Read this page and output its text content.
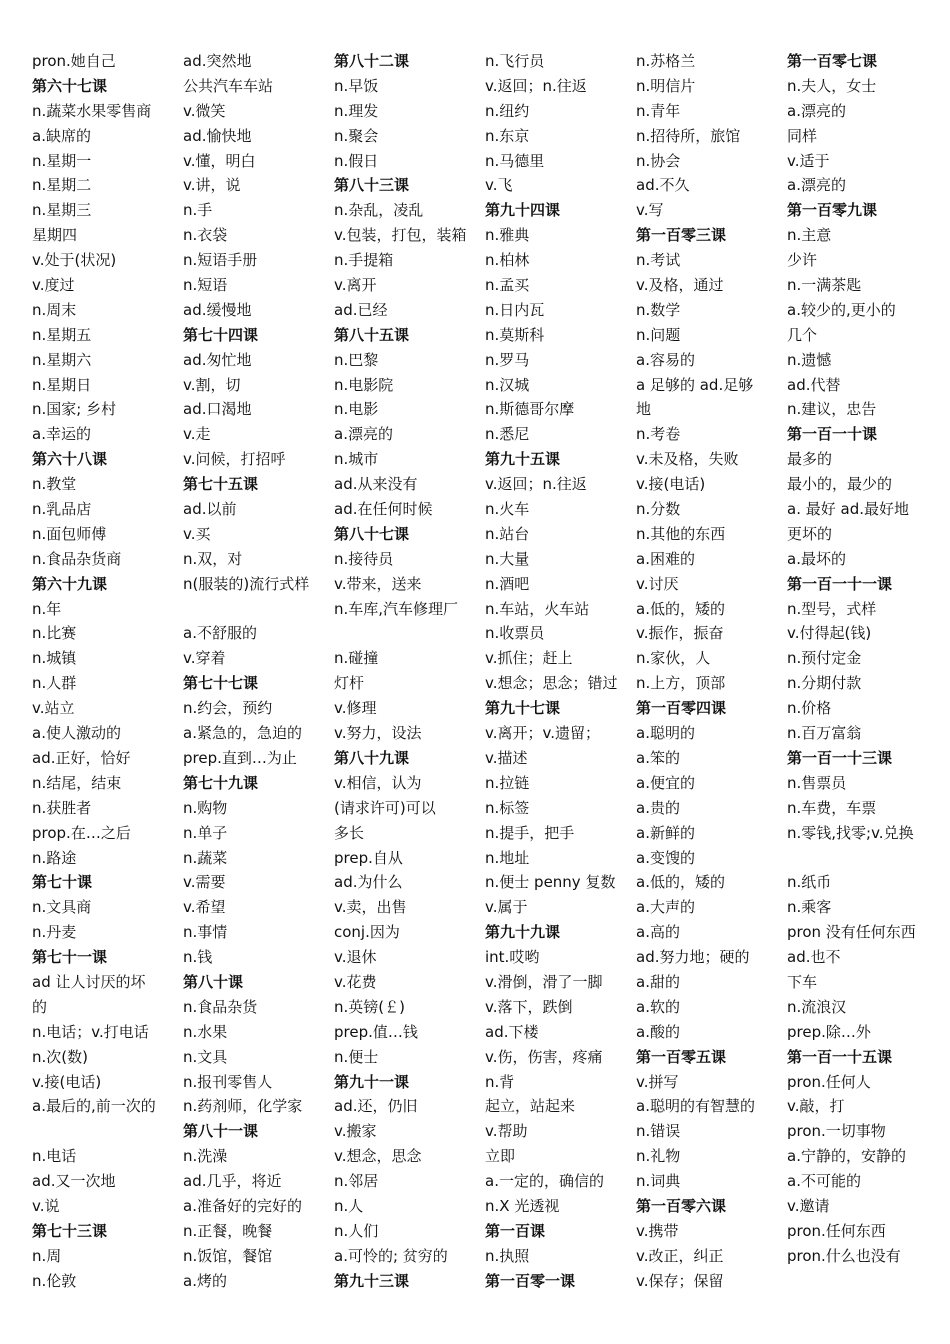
pron.她自己
第六十七课
n.蔬菜水果零售商
a.缺席的
n.星期一
n.星期二
n.星期三
星期四
v.处于(状况)
v.度过
n.周末
n.星期五
n.星期六
n.星期日
n.国家; 乡村
a.幸运的
第六十八课
n.教堂
n.乳品店
n.面包师傅
n.食品杂货商
第六十九课
n.年
n.比赛
n.城镇
n.人群
v.站立
a.使人激动的
ad.正好，恰好
n.结尾，结束
n.获胜者
prop.在…之后
n.路途
第七十课
n.文具商
n.丹麦
第七十一课
ad 让人讨厌的坏
的
n.电话；v.打电话
n.次(数)
v.接(电话)
a.最后的,前一次的
n.电话
ad.又一次地
v.说
第七十三课
n.周
n.伦敦
ad.突然地
公共汽车车站
v.微笑
ad.愉快地
v.懂，明白
v.讲，说
n.手
n.衣袋
n.短语手册
n.短语
ad.缓慢地
第七十四课
ad.匆忙地
v.割，切
ad.口渴地
v.走
v.问候，打招呼
第七十五课
ad.以前
v.买
n.双，对
n(服装的)流行式样
a.不舒服的
v.穿着
第七十七课
n.约会，预约
a.紧急的，急迫的
prep.直到…为止
第七十九课
n.购物
n.单子
n.蔬菜
v.需要
v.希望
n.事情
n.钱
第八十课
n.食品杂货
n.水果
n.文具
n.报刊零售人
n.药剂师，化学家
第八十一课
n.洗澡
ad.几乎，将近
a.准备好的完好的
n.正餐，晚餐
n.饭馆，餐馆
a.烤的
第八十二课
n.早饭
n.理发
n.聚会
n.假日
第八十三课
n.杂乱，凌乱
v.包装，打包，装箱
n.手提箱
v.离开
ad.已经
第八十五课
n.巴黎
n.电影院
n.电影
a.漂亮的
n.城市
ad.从来没有
ad.在任何时候
第八十七课
n.接待员
v.带来，送来
n.车库,汽车修理厂
n.碰撞
灯杆
v.修理
v.努力，设法
第八十九课
v.相信，认为
(请求许可)可以
多长
prep.自从
ad.为什么
v.卖，出售
conj.因为
v.退休
v.花费
n.英镑(￡)
prep.值…钱
n.便士
第九十一课
ad.还，仍旧
v.搬家
v.想念，思念
n.邻居
n.人
n.人们
a.可怜的; 贫穷的
第九十三课
n.飞行员
v.返回；n.往返
n.纽约
n.东京
n.马德里
v.飞
第九十四课
n.雅典
n.柏林
n.孟买
n.日内瓦
n.莫斯科
n.罗马
n.汉城
n.斯德哥尔摩
n.悉尼
第九十五课
v.返回；n.往返
n.火车
n.站台
n.大量
n.酒吧
n.车站，火车站
n.收票员
v.抓住；赶上
v.想念；思念；错过
第九十七课
v.离开；v.遗留；
v.描述
n.拉链
n.标签
n.提手，把手
n.地址
n.便士 penny 复数
v.属于
第九十九课
int.哎哟
v.滑倒，滑了一脚
v.落下，跌倒
ad.下楼
v.伤，伤害，疼痛
n.背
起立，站起来
v.帮助
立即
a.一定的，确信的
n.X 光透视
第一百课
n.执照
第一百零一课
n.苏格兰
n.明信片
n.青年
n.招待所，旅馆
n.协会
ad.不久
v.写
第一百零三课
n.考试
v.及格，通过
n.数学
n.问题
a.容易的
a 足够的 ad.足够
地
n.考卷
v.未及格，失败
v.接(电话)
n.分数
n.其他的东西
a.困难的
v.讨厌
a.低的，矮的
v.振作，振奋
n.家伙，人
n.上方，顶部
第一百零四课
a.聪明的
a.笨的
a.便宜的
a.贵的
a.新鲜的
a.变馊的
a.低的，矮的
a.大声的
a.高的
ad.努力地；硬的
a.甜的
a.软的
a.酸的
第一百零五课
v.拼写
a.聪明的有智慧的
n.错误
n.礼物
n.词典
第一百零六课
v.携带
v.改正，纠正
v.保存；保留
第一百零七课
n.夫人，女士
a.漂亮的
同样
v.适于
a.漂亮的
第一百零九课
n.主意
少许
n.一满茶匙
a.较少的,更小的
几个
n.遗憾
ad.代替
n.建议，忠告
第一百一十课
最多的
最小的，最少的
a. 最好 ad.最好地
更坏的
a.最坏的
第一百一十一课
n.型号，式样
v.付得起(钱)
n.预付定金
n.分期付款
n.价格
n.百万富翁
第一百一十三课
n.售票员
n.车费，车票
n.零钱,找零;v.兑换
n.纸币
n.乘客
pron 没有任何东西
ad.也不
下车
n.流浪汉
prep.除…外
第一百一十五课
pron.任何人
v.敲，打
pron.一切事物
a.宁静的，安静的
a.不可能的
v.邀请
pron.任何东西
pron.什么也没有
